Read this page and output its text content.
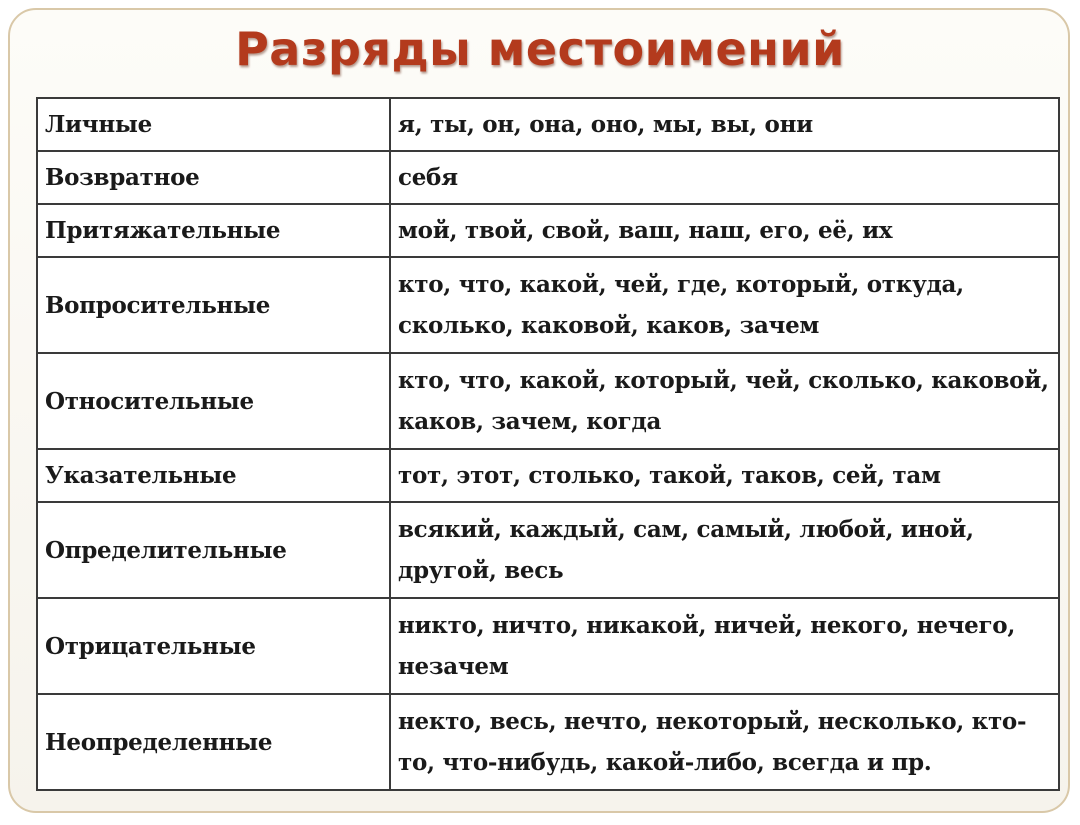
Разряды местоимений
Личные	я, ты, он, она, оно, мы, вы, они
Возвратное	себя
Притяжательные	мой, твой, свой, ваш, наш, его, её, их
Вопросительные	кто, что, какой, чей, где, который, откуда, сколько, каковой, каков, зачем
Относительные	кто, что, какой, который, чей, сколько, каковой, каков, зачем, когда
Указательные	тот, этот, столько, такой, таков, сей, там
Определительные	всякий, каждый, сам, самый, любой, иной, другой, весь
Отрицательные	никто, ничто, никакой, ничей, некого, нечего, незачем
Неопределенные	некто, весь, нечто, некоторый, несколько, кто-то, что-нибудь, какой-либо, всегда и пр.
